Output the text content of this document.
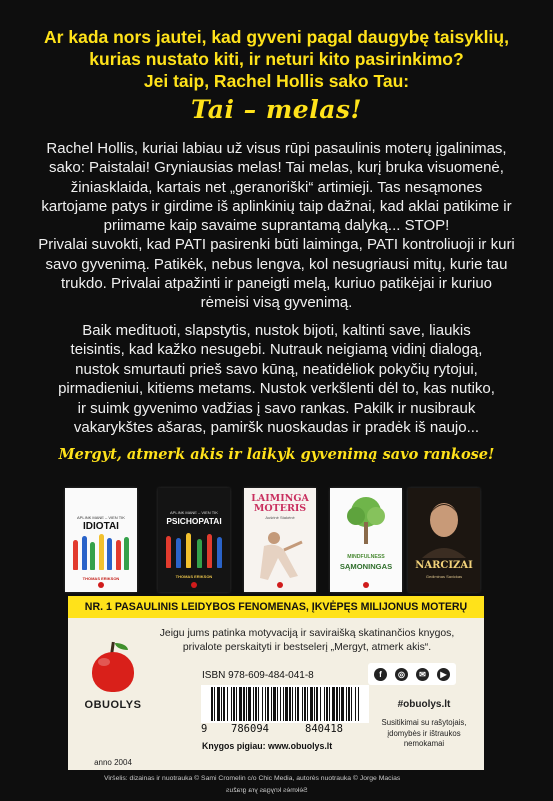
Ar kada nors jautei, kad gyveni pagal daugybę taisyklių,
kurias nustato kiti, ir neturi kito pasirinkimo?
Jei taip, Rachel Hollis sako Tau:
Tai – melas!
Rachel Hollis, kuriai labiau už visus rūpi pasaulinis moterų įgalinimas,
sako: Paistalai! Gryniausias melas! Tai melas, kurį bruka visuomenė,
žiniasklaida, kartais net „geranoriški“ artimieji. Tas nesąmones
kartojame patys ir girdime iš aplinkinių taip dažnai, kad aklai patikime ir
priimame kaip savaime suprantamą dalyką... STOP!
Privalai suvokti, kad PATI pasirenki būti laiminga, PATI kontroliuoji ir kuri
savo gyvenimą. Patikėk, nebus lengva, kol nesugriausi mitų, kurie tau
trukdo. Privalai atpažinti ir paneigti melą, kuriuo patikėjai ir kuriuo
rėmeisi visą gyvenimą.
Baik medituoti, slapstytis, nustok bijoti, kaltinti save, liaukis
teisintis, kad kažko nesugebi. Nutrauk neigiamą vidinį dialogą,
nustok smurtauti prieš savo kūną, neatidėliok pokyčių rytojui,
pirmadieniui, kitiems metams. Nustok verkšlenti dėl to, kas nutiko,
ir suimk gyvenimo vadžias į savo rankas. Pakilk ir nusibrauk
vakarykštes ašaras, pamiršk nuoskaudas ir pradėk iš naujo...
Mergyt, atmerk akis ir laikyk gyvenimą savo rankose!
APLINK MANE – VIEN TIK
IDIOTAI
THOMAS ERIKSON
APLINK MANE – VIEN TIK
PSICHOPATAI
THOMAS ERIKSON
LAIMINGA
MOTERIS
Aušrinė Stakėnė
MINDFULNESS
SĄMONINGAS	NARCIZAI
Gediminas Savickas
NR. 1 PASAULINIS LEIDYBOS FENOMENAS, ĮKVĖPĘS MILIJONUS MOTERŲ
Jeigu jums patinka motyvaciją ir saviraišką skatinančios knygos,
privalote perskaityti ir bestselerį „Mergyt, atmerk akis“.
OBUOLYS
anno 2004
ISBN 978-609-484-041-8
9 786094	840418
Knygos pigiau: www.obuolys.lt
f	◎	✉	▶
#obuolys.lt
Susitikimai su rašytojais,
įdomybės ir ištraukos
nemokamai
Viršelis: dizainas ir nuotrauka © Sami Cromelin c/o Chic Media, autorės nuotrauka © Jorge Macias
Sėkmės knygas yra gražus
